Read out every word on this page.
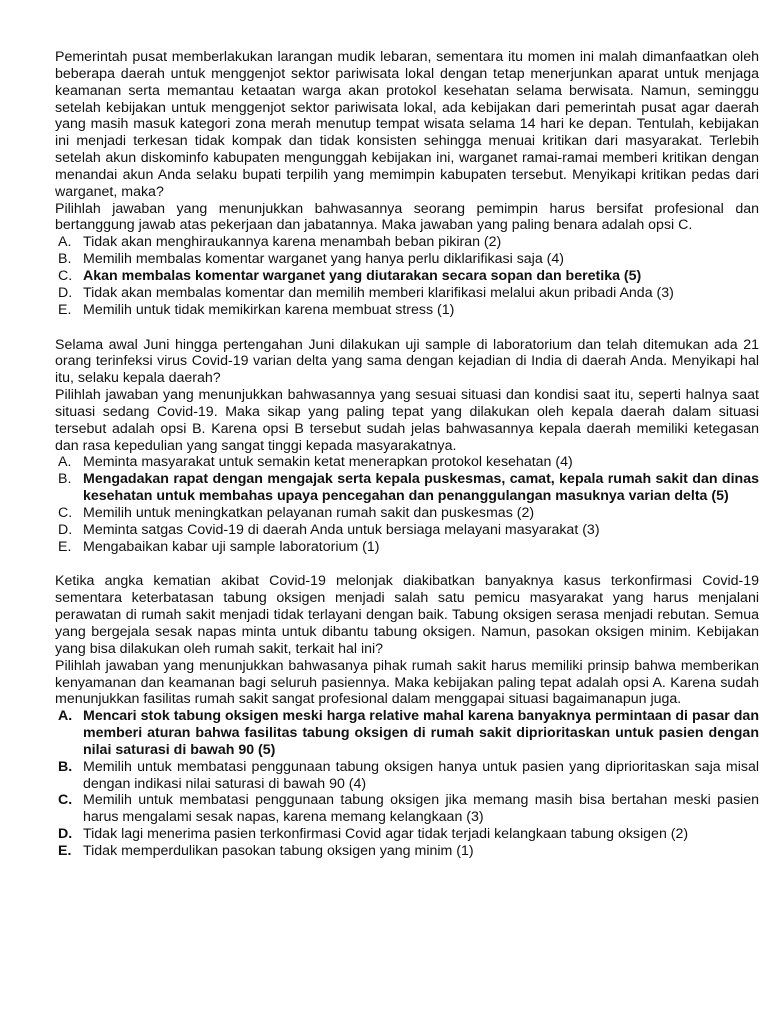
Pemerintah pusat memberlakukan larangan mudik lebaran, sementara itu momen ini malah dimanfaatkan oleh beberapa daerah untuk menggenjot sektor pariwisata lokal dengan tetap menerjunkan aparat untuk menjaga keamanan serta memantau ketaatan warga akan protokol kesehatan selama berwisata. Namun, seminggu setelah kebijakan untuk menggenjot sektor pariwisata lokal, ada kebijakan dari pemerintah pusat agar daerah yang masih masuk kategori zona merah menutup tempat wisata selama 14 hari ke depan. Tentulah, kebijakan ini menjadi terkesan tidak kompak dan tidak konsisten sehingga menuai kritikan dari masyarakat. Terlebih setelah akun diskominfo kabupaten mengunggah kebijakan ini, warganet ramai-ramai memberi kritikan dengan menandai akun Anda selaku bupati terpilih yang memimpin kabupaten tersebut. Menyikapi kritikan pedas dari warganet, maka?

Pilihlah jawaban yang menunjukkan bahwasannya seorang pemimpin harus bersifat profesional dan bertanggung jawab atas pekerjaan dan jabatannya. Maka jawaban yang paling benara adalah opsi C.

A. Tidak akan menghiraukannya karena menambah beban pikiran (2)
B. Memilih membalas komentar warganet yang hanya perlu diklarifikasi saja (4)
C. Akan membalas komentar warganet yang diutarakan secara sopan dan beretika (5)
D. Tidak akan membalas komentar dan memilih memberi klarifikasi melalui akun pribadi Anda (3)
E. Memilih untuk tidak memikirkan karena membuat stress (1)

Selama awal Juni hingga pertengahan Juni dilakukan uji sample di laboratorium dan telah ditemukan ada 21 orang terinfeksi virus Covid-19 varian delta yang sama dengan kejadian di India di daerah Anda. Menyikapi hal itu, selaku kepala daerah?

Pilihlah jawaban yang menunjukkan bahwasannya yang sesuai situasi dan kondisi saat itu, seperti halnya saat situasi sedang Covid-19. Maka sikap yang paling tepat yang dilakukan oleh kepala daerah dalam situasi tersebut adalah opsi B. Karena opsi B tersebut sudah jelas bahwasannya kepala daerah memiliki ketegasan dan rasa kepedulian yang sangat tinggi kepada masyarakatnya.

A. Meminta masyarakat untuk semakin ketat menerapkan protokol kesehatan (4)
B. Mengadakan rapat dengan mengajak serta kepala puskesmas, camat, kepala rumah sakit dan dinas kesehatan untuk membahas upaya pencegahan dan penanggulangan masuknya varian delta (5)
C. Memilih untuk meningkatkan pelayanan rumah sakit dan puskesmas (2)
D. Meminta satgas Covid-19 di daerah Anda untuk bersiaga melayani masyarakat (3)
E. Mengabaikan kabar uji sample laboratorium (1)

Ketika angka kematian akibat Covid-19 melonjak diakibatkan banyaknya kasus terkonfirmasi Covid-19 sementara keterbatasan tabung oksigen menjadi salah satu pemicu masyarakat yang harus menjalani perawatan di rumah sakit menjadi tidak terlayani dengan baik. Tabung oksigen serasa menjadi rebutan. Semua yang bergejala sesak napas minta untuk dibantu tabung oksigen. Namun, pasokan oksigen minim. Kebijakan yang bisa dilakukan oleh rumah sakit, terkait hal ini?

Pilihlah jawaban yang menunjukkan bahwasanya pihak rumah sakit harus memiliki prinsip bahwa memberikan kenyamanan dan keamanan bagi seluruh pasiennya. Maka kebijakan paling tepat adalah opsi A. Karena sudah menunjukkan fasilitas rumah sakit sangat profesional dalam menggapai situasi bagaimanapun juga.

A. Mencari stok tabung oksigen meski harga relative mahal karena banyaknya permintaan di pasar dan memberi aturan bahwa fasilitas tabung oksigen di rumah sakit diprioritaskan untuk pasien dengan nilai saturasi di bawah 90 (5)
B. Memilih untuk membatasi penggunaan tabung oksigen hanya untuk pasien yang diprioritaskan saja misal dengan indikasi nilai saturasi di bawah 90 (4)
C. Memilih untuk membatasi penggunaan tabung oksigen jika memang masih bisa bertahan meski pasien harus mengalami sesak napas, karena memang kelangkaan (3)
D. Tidak lagi menerima pasien terkonfirmasi Covid agar tidak terjadi kelangkaan tabung oksigen (2)
E. Tidak memperdulikan pasokan tabung oksigen yang minim (1)
